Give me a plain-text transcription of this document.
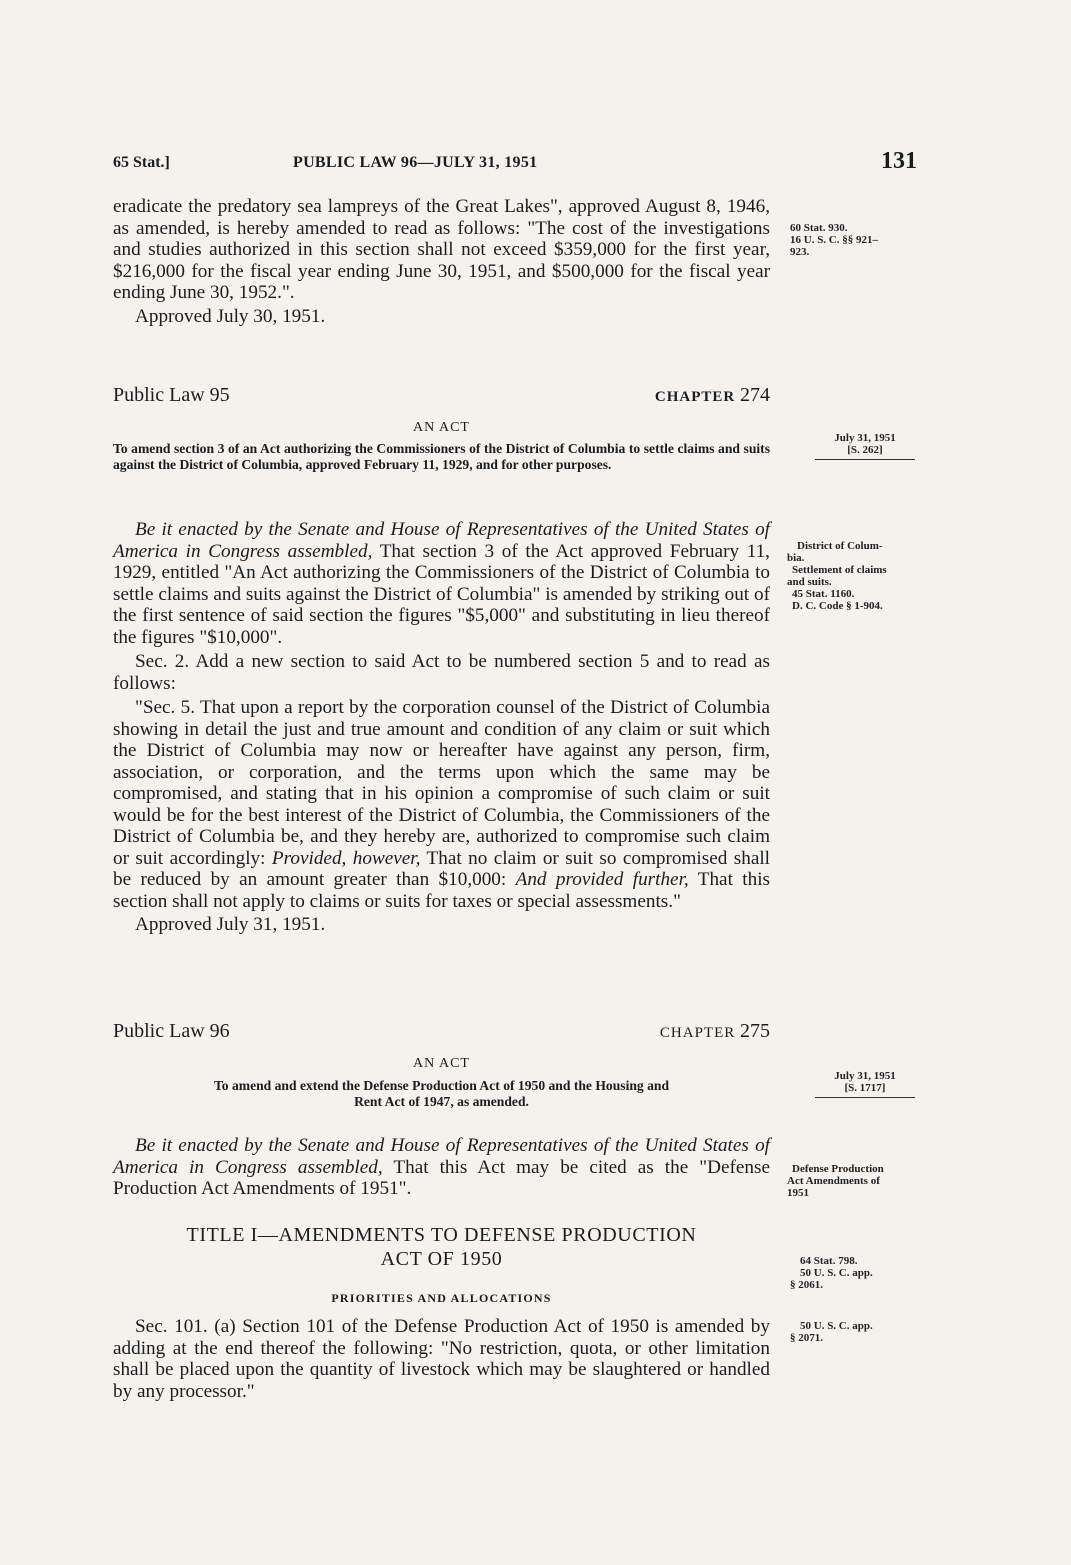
65 Stat.]	PUBLIC LAW 96—JULY 31, 1951	131

eradicate the predatory sea lampreys of the Great Lakes", approved August 8, 1946, as amended, is hereby amended to read as follows: "The cost of the investigations and studies authorized in this section shall not exceed $359,000 for the first year, $216,000 for the fiscal year ending June 30, 1951, and $500,000 for the fiscal year ending June 30, 1952.".

Approved July 30, 1951.

Public Law 95	CHAPTER 274
AN ACT
To amend section 3 of an Act authorizing the Commissioners of the District of Columbia to settle claims and suits against the District of Columbia, approved February 11, 1929, and for other purposes.

Be it enacted by the Senate and House of Representatives of the United States of America in Congress assembled, That section 3 of the Act approved February 11, 1929, entitled "An Act authorizing the Commissioners of the District of Columbia to settle claims and suits against the District of Columbia" is amended by striking out of the first sentence of said section the figures "$5,000" and substituting in lieu thereof the figures "$10,000".

Sec. 2. Add a new section to said Act to be numbered section 5 and to read as follows:

"Sec. 5. That upon a report by the corporation counsel of the District of Columbia showing in detail the just and true amount and condition of any claim or suit which the District of Columbia may now or hereafter have against any person, firm, association, or corporation, and the terms upon which the same may be compromised, and stating that in his opinion a compromise of such claim or suit would be for the best interest of the District of Columbia, the Commissioners of the District of Columbia be, and they hereby are, authorized to compromise such claim or suit accordingly: Provided, however, That no claim or suit so compromised shall be reduced by an amount greater than $10,000: And provided further, That this section shall not apply to claims or suits for taxes or special assessments."

Approved July 31, 1951.

Public Law 96	CHAPTER 275
AN ACT
To amend and extend the Defense Production Act of 1950 and the Housing and
Rent Act of 1947, as amended.

Be it enacted by the Senate and House of Representatives of the United States of America in Congress assembled, That this Act may be cited as the "Defense Production Act Amendments of 1951".

TITLE I—AMENDMENTS TO DEFENSE PRODUCTION
ACT OF 1950
PRIORITIES AND ALLOCATIONS

Sec. 101. (a) Section 101 of the Defense Production Act of 1950 is amended by adding at the end thereof the following: "No restriction, quota, or other limitation shall be placed upon the quantity of livestock which may be slaughtered or handled by any processor."

60 Stat. 930.
16 U. S. C. §§ 921–
923.
July 31, 1951
[S. 262]
District of Colum-
bia.
Settlement of claims
and suits.
45 Stat. 1160.
D. C. Code § 1-904.
July 31, 1951
[S. 1717]
Defense Production
Act Amendments of
1951
64 Stat. 798.
50 U. S. C. app.
§ 2061.
50 U. S. C. app.
§ 2071.
